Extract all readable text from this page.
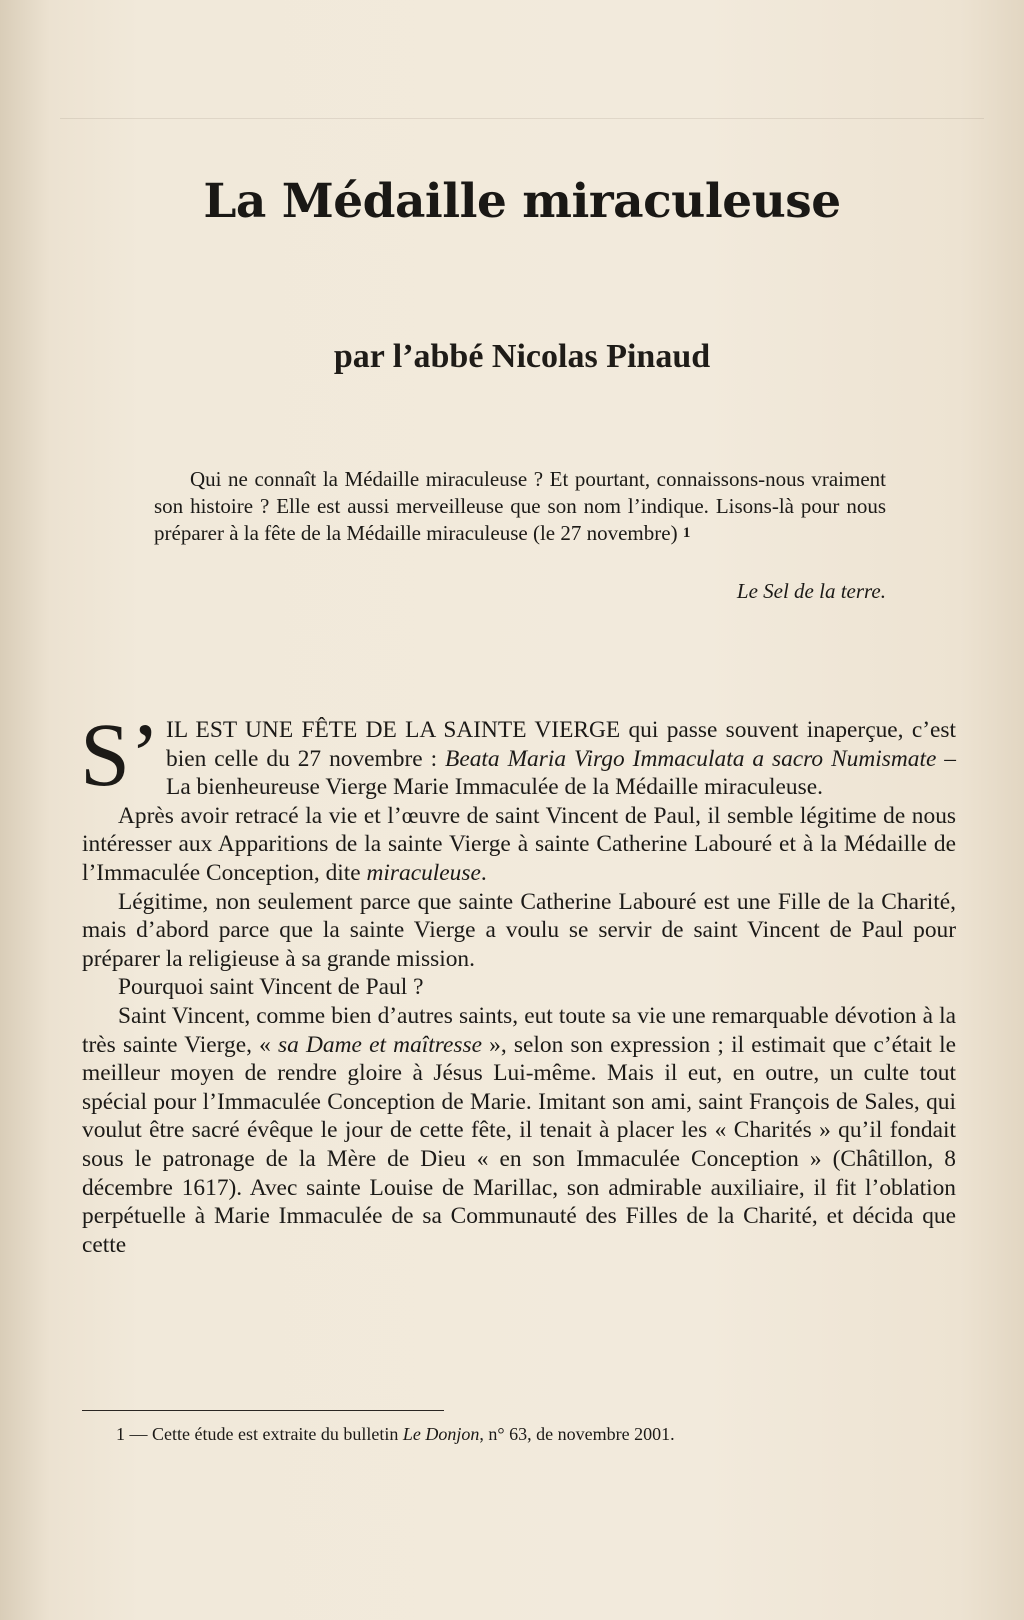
La Médaille miraculeuse
par l’abbé Nicolas Pinaud

Qui ne connaît la Médaille miraculeuse ? Et pourtant, connaissons-nous vraiment son histoire ? Elle est aussi merveilleuse que son nom l’indique. Lisons-là pour nous préparer à la fête de la Médaille miraculeuse (le 27 novembre) $^1$

Le Sel de la terre.

S’ IL EST UNE FÊTE DE LA SAINTE VIERGE qui passe souvent inaperçue, c’est bien celle du 27 novembre : Beata Maria Virgo Immaculata a sacro Numismate – La bienheureuse Vierge Marie Immaculée de la Médaille miraculeuse.

Après avoir retracé la vie et l’œuvre de saint Vincent de Paul, il semble légitime de nous intéresser aux Apparitions de la sainte Vierge à sainte Catherine Labouré et à la Médaille de l’Immaculée Conception, dite miraculeuse.

Légitime, non seulement parce que sainte Catherine Labouré est une Fille de la Charité, mais d’abord parce que la sainte Vierge a voulu se servir de saint Vincent de Paul pour préparer la religieuse à sa grande mission.

Pourquoi saint Vincent de Paul ?

Saint Vincent, comme bien d’autres saints, eut toute sa vie une remarquable dévotion à la très sainte Vierge, « sa Dame et maîtresse », selon son expression ; il estimait que c’était le meilleur moyen de rendre gloire à Jésus Lui-même. Mais il eut, en outre, un culte tout spécial pour l’Immaculée Conception de Marie. Imitant son ami, saint François de Sales, qui voulut être sacré évêque le jour de cette fête, il tenait à placer les « Charités » qu’il fondait sous le patronage de la Mère de Dieu « en son Immaculée Conception » (Châtillon, 8 décembre 1617). Avec sainte Louise de Marillac, son admirable auxiliaire, il fit l’oblation perpétuelle à Marie Immaculée de sa Communauté des Filles de la Charité, et décida que cette

1 — Cette étude est extraite du bulletin Le Donjon, n° 63, de novembre 2001.
